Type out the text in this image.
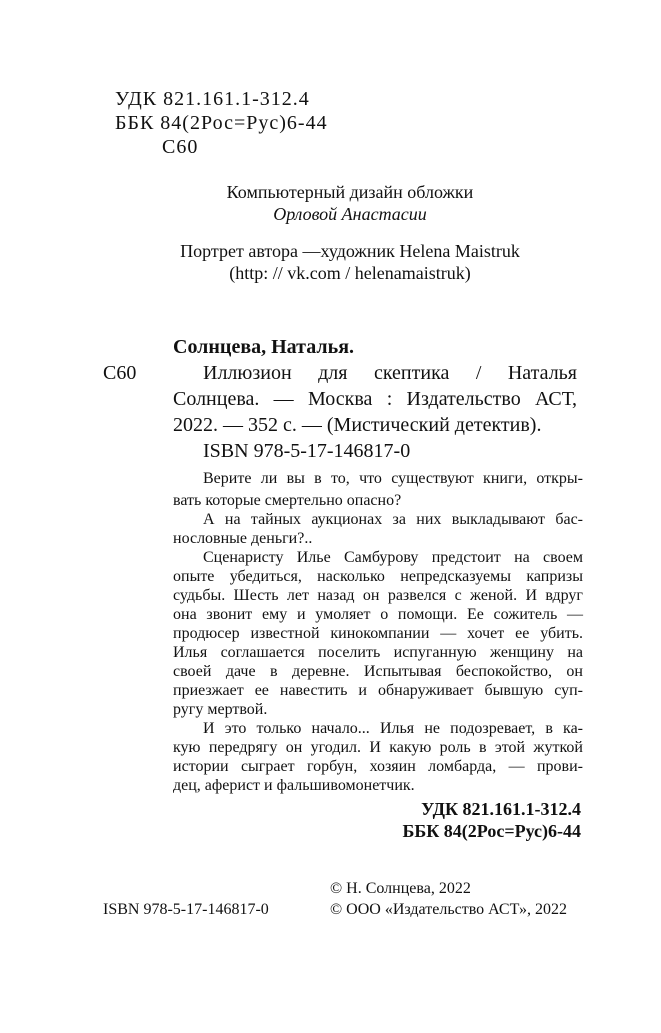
УДК 821.161.1-312.4
ББК 84(2Рос=Рус)6-44
С60
Компьютерный дизайн обложки
Орловой Анастасии
Портрет автора —художник Helena Maistruk
(http: // vk.com / helenamaistruk)
Солнцева, Наталья.
С60	Иллюзион для скептика / Наталья
Солнцева. — Москва : Издательство АСТ,
2022. — 352 с. — (Мистический детектив).
ISBN 978-5-17-146817-0
Верите ли вы в то, что существуют книги, откры-
вать которые смертельно опасно?
А на тайных аукционах за них выкладывают бас-
нословные деньги?..
Сценаристу Илье Самбурову предстоит на своем
опыте убедиться, насколько непредсказуемы капризы
судьбы. Шесть лет назад он развелся с женой. И вдруг
она звонит ему и умоляет о помощи. Ее сожитель —
продюсер известной кинокомпании — хочет ее убить.
Илья соглашается поселить испуганную женщину на
своей даче в деревне. Испытывая беспокойство, он
приезжает ее навестить и обнаруживает бывшую суп-
ругу мертвой.
И это только начало... Илья не подозревает, в ка-
кую передрягу он угодил. И какую роль в этой жуткой
истории сыграет горбун, хозяин ломбарда, — прови-
дец, аферист и фальшивомонетчик.
УДК 821.161.1-312.4
ББК 84(2Рос=Рус)6-44
© Н. Солнцева, 2022
ISBN 978-5-17-146817-0	© ООО «Издательство АСТ», 2022
